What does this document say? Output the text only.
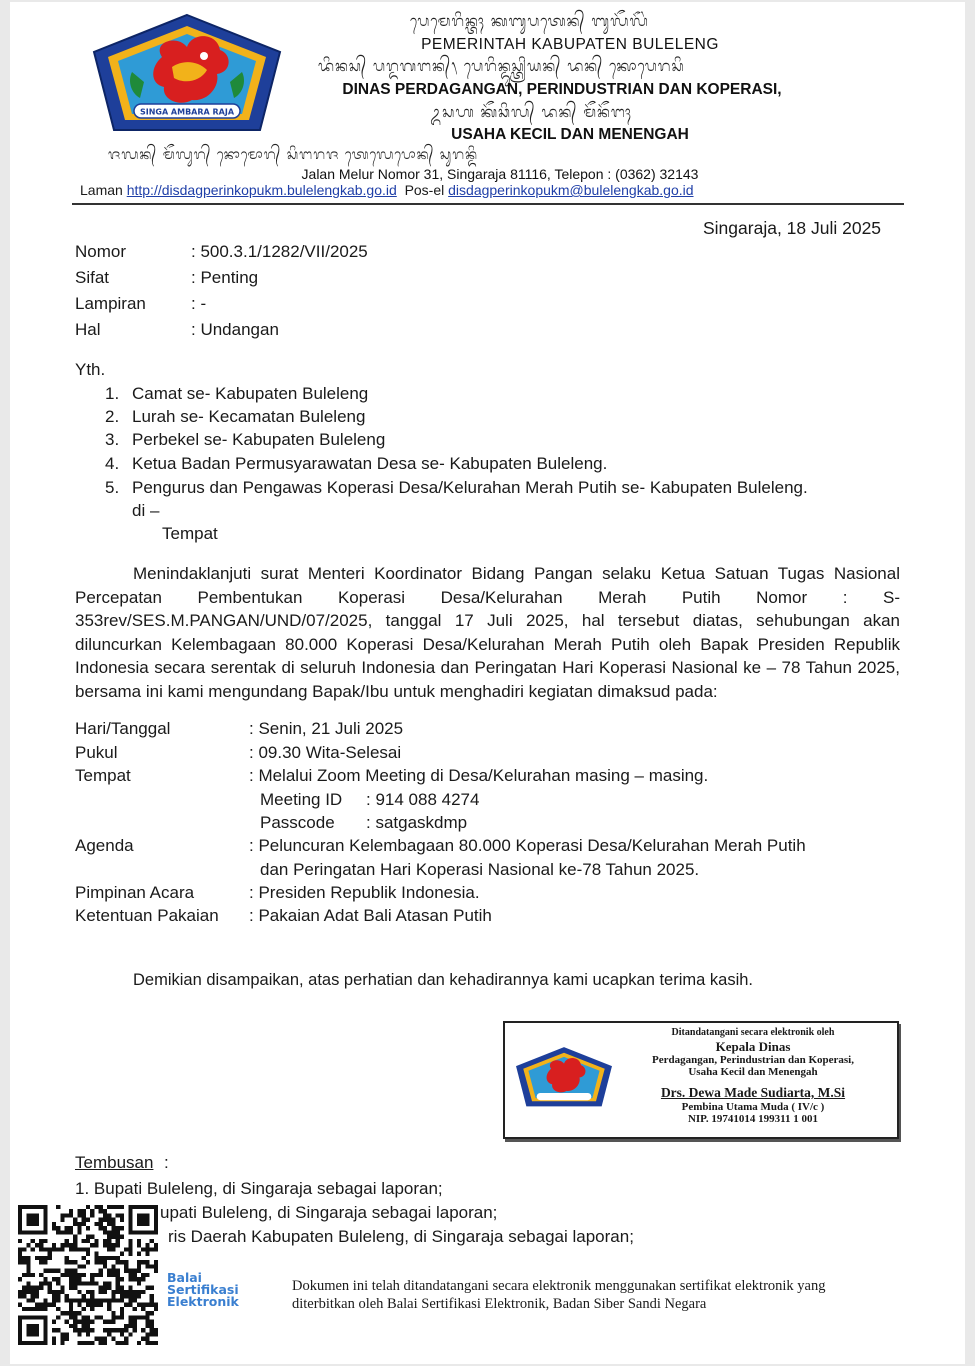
SINGA AMBARA RAJA
ᬧᬾᬫᬾᬭᬶᬦ᭄ᬢᬄ ᬓᬩᬸᬧᬢᬾᬦ᭄ ᬩᬸᬮᭂᬮᭂᬂ
PEMERINTAH KABUPATEN BULELENG
ᬤᬶᬦᬲ᭄ ᬧᬭ᭄ᬤᬕᬗᬦ᭄᭞ ᬧᬾᬭᬶᬦ᭄ᬤᬸᬲ᭄ᬢ᭄ᬭᬶᬬᬦ᭄ ᬤᬦ᭄ ᬓᭀᬧᬾᬭᬲᬶ
DINAS PERDAGANGAN, PERINDUSTRIAN DAN KOPERASI,
ᬉᬲᬳ ᬓᭂᬘᬶᬮ᭄ ᬤᬦ᭄ ᬫᭂᬦᭂᬗᬄ
USAHA KECIL DAN MENENGAH
ᬚᬮᬦ᭄ ᬫᭂᬮᬸᬭ᭄ ᬦᭀᬫᭀᬭ᭄ ᬲᬶᬗᬭᬚ ᬢᬾᬮᬾᬧᭀᬦ᭄ ᬲᬸᬭᬦ᭄ᬤᬶ
Jalan Melur Nomor 31, Singaraja 81116, Telepon : (0362) 32143
Laman http://disdagperinkopukm.bulelengkab.go.id Pos-el disdagperinkopukm@bulelengkab.go.id
Singaraja, 18 Juli 2025
Nomor	: 500.3.1/1282/VII/2025
Sifat	: Penting
Lampiran	: -
Hal	: Undangan
Yth.
1. Camat se- Kabupaten Buleleng
2. Lurah se- Kecamatan Buleleng
3. Perbekel se- Kabupaten Buleleng
4. Ketua Badan Permusyarawatan Desa se- Kabupaten Buleleng.
5. Pengurus dan Pengawas Koperasi Desa/Kelurahan Merah Putih se- Kabupaten Buleleng.
di –
Tempat
Menindaklanjuti surat Menteri Koordinator Bidang Pangan selaku Ketua Satuan Tugas Nasional Percepatan Pembentukan Koperasi Desa/Kelurahan Merah Putih Nomor : S-353rev/SES.M.PANGAN/UND/07/2025, tanggal 17 Juli 2025, hal tersebut diatas, sehubungan akan diluncurkan Kelembagaan 80.000 Koperasi Desa/Kelurahan Merah Putih oleh Bapak Presiden Republik Indonesia secara serentak di seluruh Indonesia dan Peringatan Hari Koperasi Nasional ke – 78 Tahun 2025, bersama ini kami mengundang Bapak/Ibu untuk menghadiri kegiatan dimaksud pada:
Hari/Tanggal	: Senin, 21 Juli 2025
Pukul	: 09.30 Wita-Selesai
Tempat	: Melalui Zoom Meeting di Desa/Kelurahan masing – masing.
Meeting ID : 914 088 4274
Passcode : satgaskdmp
Agenda	: Peluncuran Kelembagaan 80.000 Koperasi Desa/Kelurahan Merah Putih
dan Peringatan Hari Koperasi Nasional ke-78 Tahun 2025.
Pimpinan Acara	: Presiden Republik Indonesia.
Ketentuan Pakaian : Pakaian Adat Bali Atasan Putih
Demikian disampaikan, atas perhatian dan kehadirannya kami ucapkan terima kasih.
Ditandatangani secara elektronik oleh
Kepala Dinas
Perdagangan, Perindustrian dan Koperasi,
Usaha Kecil dan Menengah
Drs. Dewa Made Sudiarta, M.Si
Pembina Utama Muda ( IV/c )
NIP. 19741014 199311 1 001
Tembusan :
1. Bupati Buleleng, di Singaraja sebagai laporan;
upati Buleleng, di Singaraja sebagai laporan;
ris Daerah Kabupaten Buleleng, di Singaraja sebagai laporan;
Balai
Sertifikasi
Elektronik
Dokumen ini telah ditandatangani secara elektronik menggunakan sertifikat elektronik yang
diterbitkan oleh Balai Sertifikasi Elektronik, Badan Siber Sandi Negara
